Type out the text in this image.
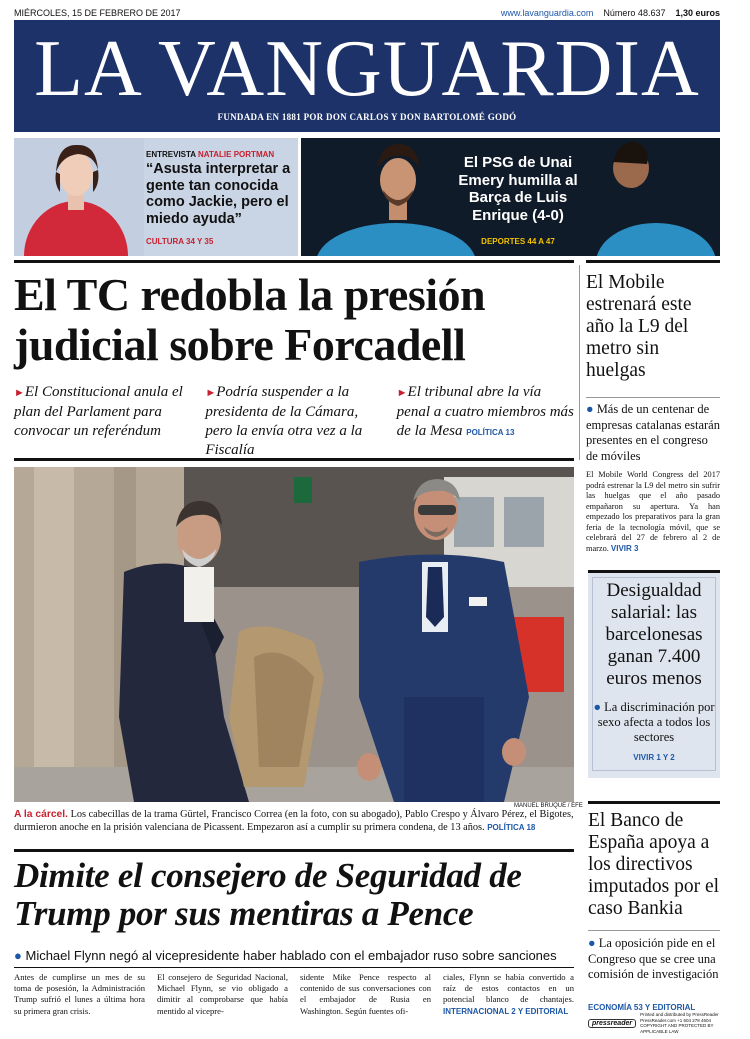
MIÉRCOLES, 15 DE FEBRERO DE 2017	www.lavanguardia.com Número 48.637 1,30 euros
LA VANGUARDIA
FUNDADA EN 1881 POR DON CARLOS Y DON BARTOLOMÉ GODÓ
ENTREVISTA NATALIE PORTMAN
“Asusta interpretar a gente tan conocida como Jackie, pero el miedo ayuda”
CULTURA 34 Y 35
El PSG de Unai Emery humilla al Barça de Luis Enrique (4-0)
DEPORTES 44 A 47
El TC redobla la presión judicial sobre Forcadell
►El Constitucional anula el plan del Parlament para convocar un referéndum
►Podría suspender a la presidenta de la Cámara, pero la envía otra vez a la Fiscalía
►El tribunal abre la vía penal a cuatro miembros más de la Mesa POLÍTICA 13
MANUEL BRUQUE / EFE
A la cárcel. Los cabecillas de la trama Gürtel, Francisco Correa (en la foto, con su abogado), Pablo Crespo y Álvaro Pérez, el Bigotes, durmieron anoche en la prisión valenciana de Picassent. Empezaron así a cumplir su primera condena, de 13 años. POLÍTICA 18
Dimite el consejero de Seguridad de Trump por sus mentiras a Pence
● Michael Flynn negó al vicepresidente haber hablado con el embajador ruso sobre sanciones
Antes de cumplirse un mes de su toma de posesión, la Administración Trump sufrió el lunes a última hora su primera gran crisis.
El consejero de Seguridad Nacional, Michael Flynn, se vio obligado a dimitir al comprobarse que había mentido al vicepre-
sidente Mike Pence respecto al contenido de sus conversaciones con el embajador de Rusia en Washington. Según fuentes ofi-
ciales, Flynn se había convertido a raíz de estos contactos en un potencial blanco de chantajes. INTERNACIONAL 2 Y EDITORIAL
El Mobile estrenará este año la L9 del metro sin huelgas
● Más de un centenar de empresas catalanas estarán presentes en el congreso de móviles
El Mobile World Congress del 2017 podrá estrenar la L9 del metro sin sufrir las huelgas que el año pasado empañaron su apertura. Ya han empezado los preparativos para la gran feria de la tecnología móvil, que se celebrará del 27 de febrero al 2 de marzo. VIVIR 3
Desigualdad salarial: las barcelonesas ganan 7.400 euros menos
● La discriminación por sexo afecta a todos los sectores
VIVIR 1 Y 2
El Banco de España apoya a los directivos imputados por el caso Bankia
● La oposición pide en el Congreso que se cree una comisión de investigación
ECONOMÍA 53 Y EDITORIAL
pressreader
Printed and distributed by PressReader PressReader.com +1 604 278 4604 COPYRIGHT AND PROTECTED BY APPLICABLE LAW
